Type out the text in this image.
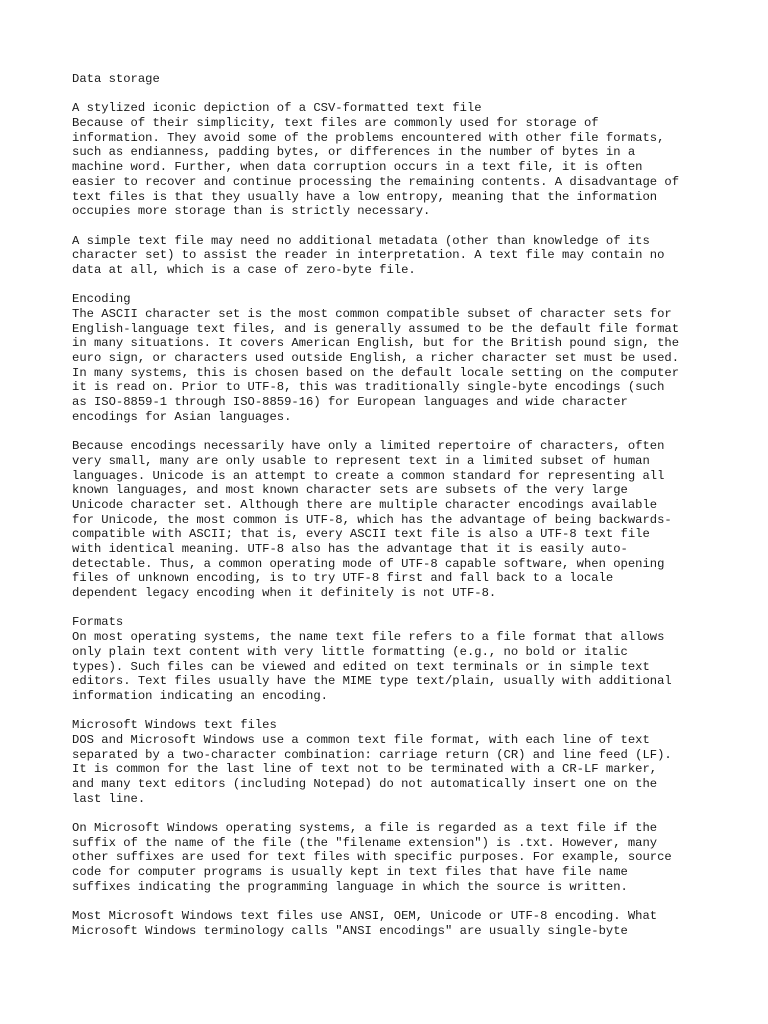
Data storage
A stylized iconic depiction of a CSV-formatted text file
Because of their simplicity, text files are commonly used for storage of
information. They avoid some of the problems encountered with other file formats,
such as endianness, padding bytes, or differences in the number of bytes in a
machine word. Further, when data corruption occurs in a text file, it is often
easier to recover and continue processing the remaining contents. A disadvantage of
text files is that they usually have a low entropy, meaning that the information
occupies more storage than is strictly necessary.
A simple text file may need no additional metadata (other than knowledge of its
character set) to assist the reader in interpretation. A text file may contain no
data at all, which is a case of zero-byte file.
Encoding
The ASCII character set is the most common compatible subset of character sets for
English-language text files, and is generally assumed to be the default file format
in many situations. It covers American English, but for the British pound sign, the
euro sign, or characters used outside English, a richer character set must be used.
In many systems, this is chosen based on the default locale setting on the computer
it is read on. Prior to UTF-8, this was traditionally single-byte encodings (such
as ISO-8859-1 through ISO-8859-16) for European languages and wide character
encodings for Asian languages.
Because encodings necessarily have only a limited repertoire of characters, often
very small, many are only usable to represent text in a limited subset of human
languages. Unicode is an attempt to create a common standard for representing all
known languages, and most known character sets are subsets of the very large
Unicode character set. Although there are multiple character encodings available
for Unicode, the most common is UTF-8, which has the advantage of being backwards-
compatible with ASCII; that is, every ASCII text file is also a UTF-8 text file
with identical meaning. UTF-8 also has the advantage that it is easily auto-
detectable. Thus, a common operating mode of UTF-8 capable software, when opening
files of unknown encoding, is to try UTF-8 first and fall back to a locale
dependent legacy encoding when it definitely is not UTF-8.
Formats
On most operating systems, the name text file refers to a file format that allows
only plain text content with very little formatting (e.g., no bold or italic
types). Such files can be viewed and edited on text terminals or in simple text
editors. Text files usually have the MIME type text/plain, usually with additional
information indicating an encoding.
Microsoft Windows text files
DOS and Microsoft Windows use a common text file format, with each line of text
separated by a two-character combination: carriage return (CR) and line feed (LF).
It is common for the last line of text not to be terminated with a CR-LF marker,
and many text editors (including Notepad) do not automatically insert one on the
last line.
On Microsoft Windows operating systems, a file is regarded as a text file if the
suffix of the name of the file (the "filename extension") is .txt. However, many
other suffixes are used for text files with specific purposes. For example, source
code for computer programs is usually kept in text files that have file name
suffixes indicating the programming language in which the source is written.
Most Microsoft Windows text files use ANSI, OEM, Unicode or UTF-8 encoding. What
Microsoft Windows terminology calls "ANSI encodings" are usually single-byte
